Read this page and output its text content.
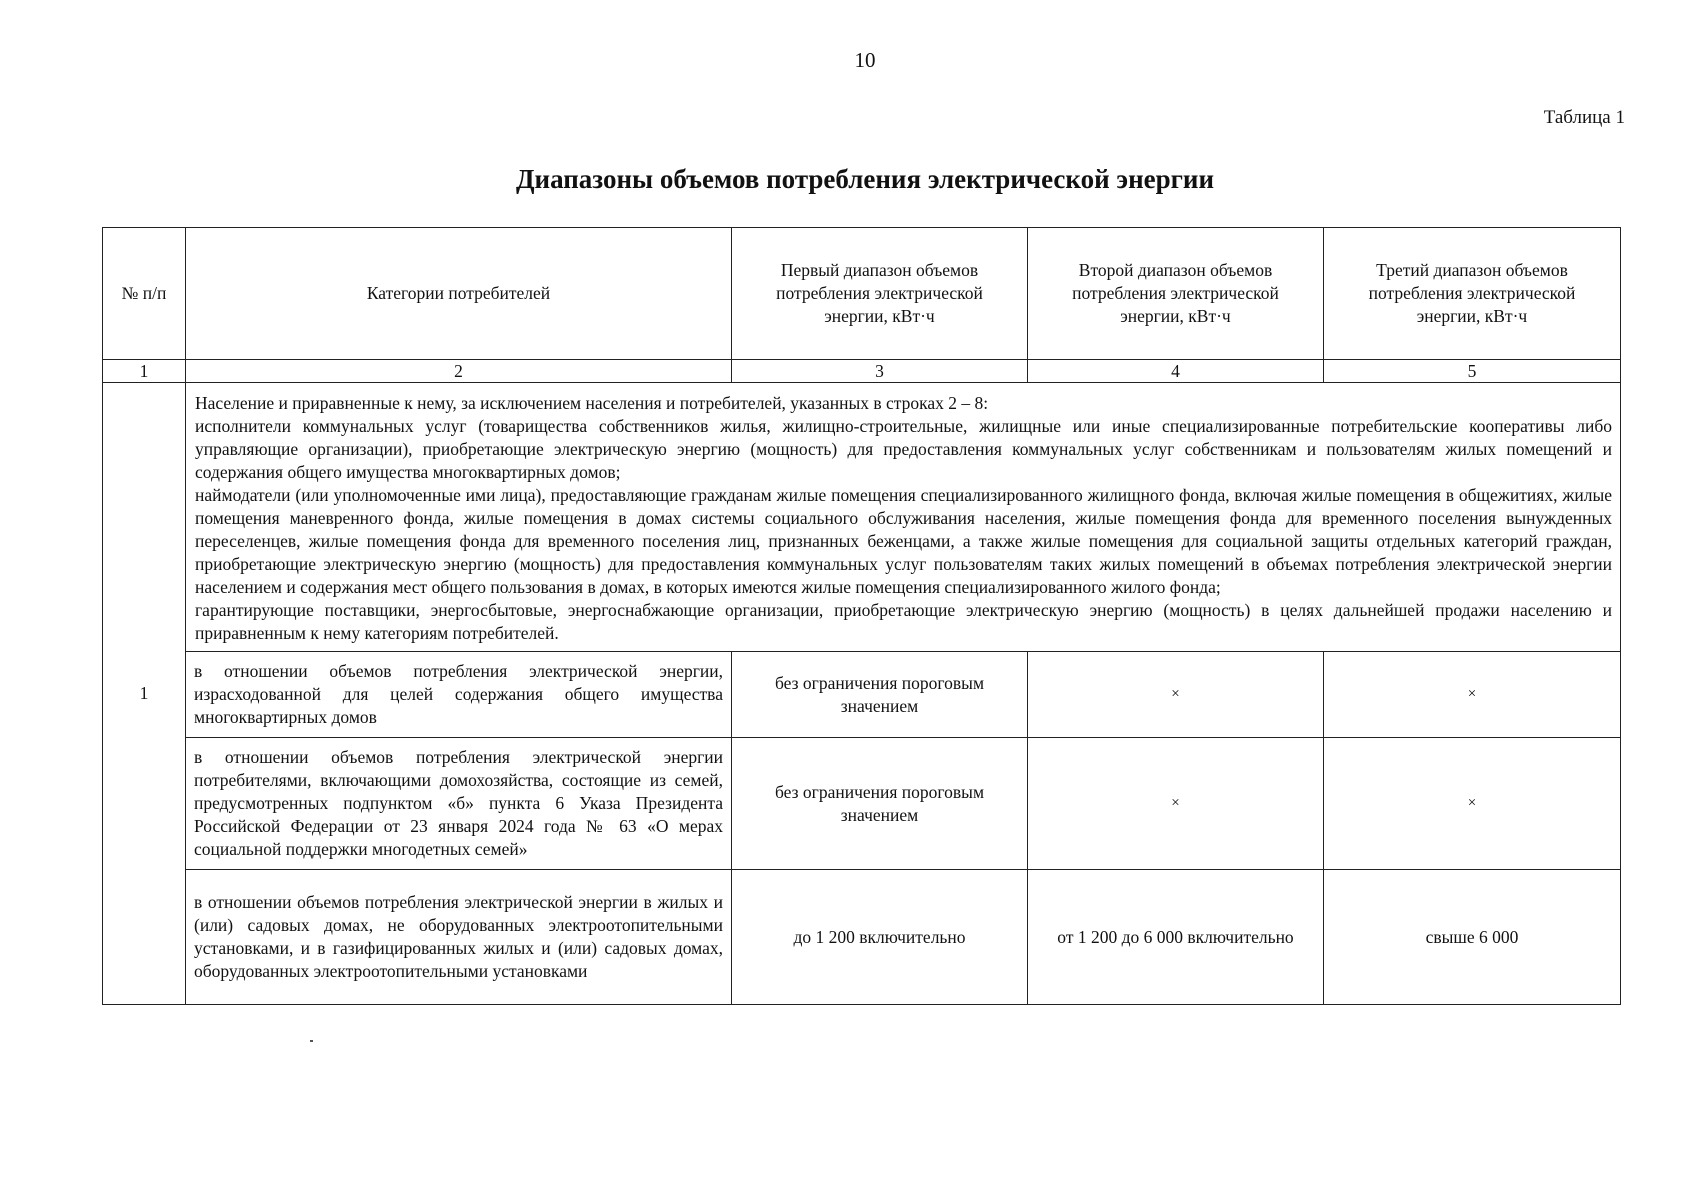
10
Таблица 1
Диапазоны объемов потребления электрической энергии
№ п/п	Категории потребителей	Первый диапазон объемов потребления электрической энергии, кВт·ч	Второй диапазон объемов потребления электрической энергии, кВт·ч	Третий диапазон объемов потребления электрической энергии, кВт·ч

1	2	3	4	5
1	Население и приравненные к нему, за исключением населения и потребителей, указанных в строках 2 – 8:

исполнители коммунальных услуг (товарищества собственников жилья, жилищно-строительные, жилищные или иные специализированные потребительские кооперативы либо управляющие организации), приобретающие электрическую энергию (мощность) для предоставления коммунальных услуг собственникам и пользователям жилых помещений и содержания общего имущества многоквартирных домов;

наймодатели (или уполномоченные ими лица), предоставляющие гражданам жилые помещения специализированного жилищного фонда, включая жилые помещения в общежитиях, жилые помещения маневренного фонда, жилые помещения в домах системы социального обслуживания населения, жилые помещения фонда для временного поселения вынужденных переселенцев, жилые помещения фонда для временного поселения лиц, признанных беженцами, а также жилые помещения для социальной защиты отдельных категорий граждан, приобретающие электрическую энергию (мощность) для предоставления коммунальных услуг пользователям таких жилых помещений в объемах потребления электрической энергии населением и содержания мест общего пользования в домах, в которых имеются жилые помещения специализированного жилого фонда;

гарантирующие поставщики, энергосбытовые, энергоснабжающие организации, приобретающие электрическую энергию (мощность) в целях дальнейшей продажи населению и приравненным к нему категориям потребителей.			

	в отношении объемов потребления электрической энергии, израсходованной для целей содержания общего имущества многоквартирных домов	без ограничения пороговым значением	×	×
	в отношении объемов потребления электрической энергии потребителями, включающими домохозяйства, состоящие из семей, предусмотренных подпунктом «б» пункта 6 Указа Президента Российской Федерации от 23 января 2024 года № 63 «О мерах социальной поддержки многодетных семей»	без ограничения пороговым значением	×	×
	в отношении объемов потребления электрической энергии в жилых и (или) садовых домах, не оборудованных электроотопительными установками, и в газифицированных жилых и (или) садовых домах, оборудованных электроотопительными установками	до 1 200 включительно	от 1 200 до 6 000 включительно	свыше 6 000
